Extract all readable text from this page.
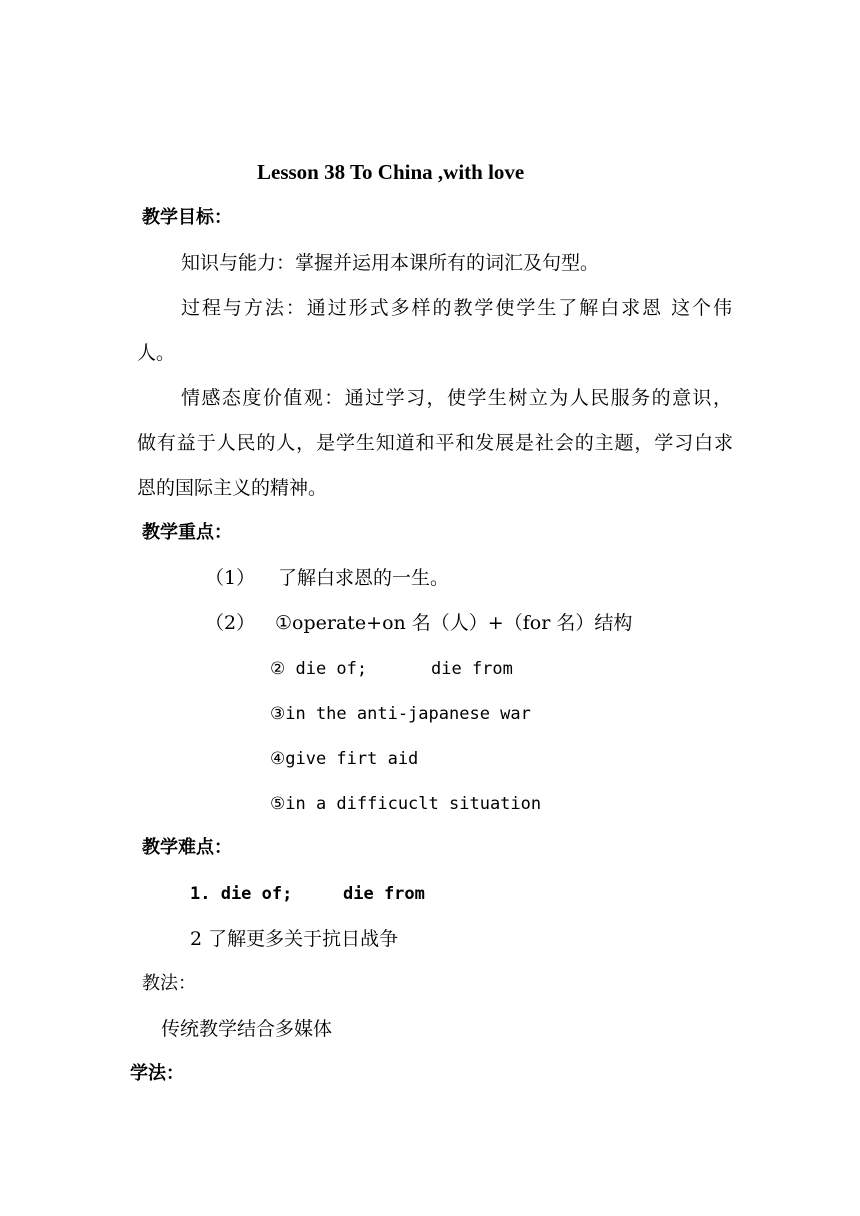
Lesson 38 To China ,with love
教学目标：
知识与能力：掌握并运用本课所有的词汇及句型。
过程与方法：通过形式多样的教学使学生了解白求恩 这个伟
人。
情感态度价值观：通过学习，使学生树立为人民服务的意识，
做有益于人民的人，是学生知道和平和发展是社会的主题，学习白求
恩的国际主义的精神。
教学重点：
（1） 了解白求恩的一生。
（2） ①operate+on 名（人）+（for 名）结构
② die of;	die from
③in the anti-japanese war
④give firt aid
⑤in a difficuclt situation
教学难点：
1. die of;	die from
2 了解更多关于抗日战争
教法：
传统教学结合多媒体
学法：
